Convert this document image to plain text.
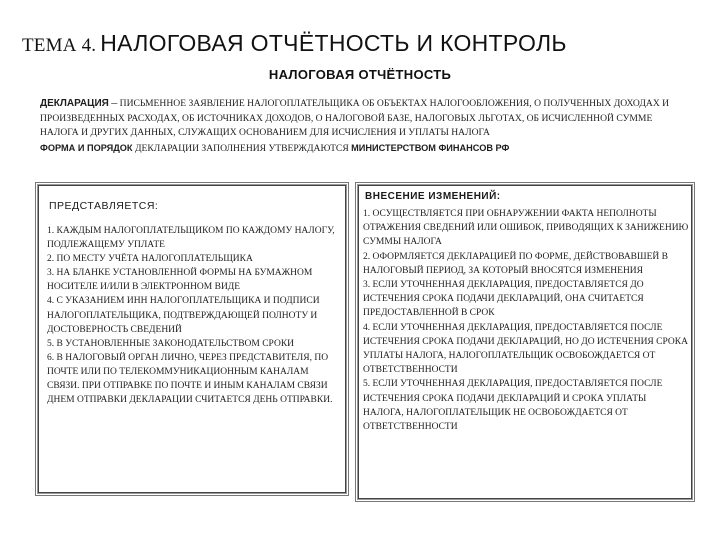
ТЕМА 4. НАЛОГОВАЯ ОТЧЁТНОСТЬ И КОНТРОЛЬ
НАЛОГОВАЯ ОТЧЁТНОСТЬ

ДЕКЛАРАЦИЯ – ПИСЬМЕННОЕ ЗАЯВЛЕНИЕ НАЛОГОПЛАТЕЛЬЩИКА ОБ ОБЪЕКТАХ НАЛОГООБЛОЖЕНИЯ, О ПОЛУЧЕННЫХ ДОХОДАХ И ПРОИЗВЕДЕННЫХ РАСХОДАХ, ОБ ИСТОЧНИКАХ ДОХОДОВ, О НАЛОГОВОЙ БАЗЕ, НАЛОГОВЫХ ЛЬГОТАХ, ОБ ИСЧИСЛЕННОЙ СУММЕ НАЛОГА И ДРУГИХ ДАННЫХ, СЛУЖАЩИХ ОСНОВАНИЕМ ДЛЯ ИСЧИСЛЕНИЯ И УПЛАТЫ НАЛОГА

ФОРМА И ПОРЯДОК ДЕКЛАРАЦИИ ЗАПОЛНЕНИЯ УТВЕРЖДАЮТСЯ МИНИСТЕРСТВОМ ФИНАНСОВ РФ

ПРЕДСТАВЛЯЕТСЯ:
1. КАЖДЫМ НАЛОГОПЛАТЕЛЬЩИКОМ ПО КАЖДОМУ НАЛОГУ, ПОДЛЕЖАЩЕМУ УПЛАТЕ
2. ПО МЕСТУ УЧЁТА НАЛОГОПЛАТЕЛЬЩИКА
3. НА БЛАНКЕ УСТАНОВЛЕННОЙ ФОРМЫ НА БУМАЖНОМ НОСИТЕЛЕ И/ИЛИ В ЭЛЕКТРОННОМ ВИДЕ
4. С УКАЗАНИЕМ ИНН НАЛОГОПЛАТЕЛЬЩИКА И ПОДПИСИ НАЛОГОПЛАТЕЛЬЩИКА, ПОДТВЕРЖДАЮЩЕЙ ПОЛНОТУ И ДОСТОВЕРНОСТЬ СВЕДЕНИЙ
5. В УСТАНОВЛЕННЫЕ ЗАКОНОДАТЕЛЬСТВОМ СРОКИ
6. В НАЛОГОВЫЙ ОРГАН ЛИЧНО, ЧЕРЕЗ ПРЕДСТАВИТЕЛЯ, ПО ПОЧТЕ ИЛИ ПО ТЕЛЕКОММУНИКАЦИОННЫМ КАНАЛАМ СВЯЗИ. ПРИ ОТПРАВКЕ ПО ПОЧТЕ И ИНЫМ КАНАЛАМ СВЯЗИ ДНЕМ ОТПРАВКИ ДЕКЛАРАЦИИ СЧИТАЕТСЯ ДЕНЬ ОТПРАВКИ.
ВНЕСЕНИЕ ИЗМЕНЕНИЙ:
1. ОСУЩЕСТВЛЯЕТСЯ ПРИ ОБНАРУЖЕНИИ ФАКТА НЕПОЛНОТЫ ОТРАЖЕНИЯ СВЕДЕНИЙ ИЛИ ОШИБОК, ПРИВОДЯЩИХ К ЗАНИЖЕНИЮ СУММЫ НАЛОГА
2. ОФОРМЛЯЕТСЯ ДЕКЛАРАЦИЕЙ ПО ФОРМЕ, ДЕЙСТВОВАВШЕЙ В НАЛОГОВЫЙ ПЕРИОД, ЗА КОТОРЫЙ ВНОСЯТСЯ ИЗМЕНЕНИЯ
3. ЕСЛИ УТОЧНЕННАЯ ДЕКЛАРАЦИЯ, ПРЕДОСТАВЛЯЕТСЯ ДО ИСТЕЧЕНИЯ СРОКА ПОДАЧИ ДЕКЛАРАЦИЙ, ОНА СЧИТАЕТСЯ ПРЕДОСТАВЛЕННОЙ В СРОК
4. ЕСЛИ УТОЧНЕННАЯ ДЕКЛАРАЦИЯ, ПРЕДОСТАВЛЯЕТСЯ ПОСЛЕ ИСТЕЧЕНИЯ СРОКА ПОДАЧИ ДЕКЛАРАЦИЙ, НО ДО ИСТЕЧЕНИЯ СРОКА УПЛАТЫ НАЛОГА, НАЛОГОПЛАТЕЛЬЩИК ОСВОБОЖДАЕТСЯ ОТ ОТВЕТСТВЕННОСТИ
5. ЕСЛИ УТОЧНЕННАЯ ДЕКЛАРАЦИЯ, ПРЕДОСТАВЛЯЕТСЯ ПОСЛЕ ИСТЕЧЕНИЯ СРОКА ПОДАЧИ ДЕКЛАРАЦИЙ И СРОКА УПЛАТЫ НАЛОГА, НАЛОГОПЛАТЕЛЬЩИК НЕ ОСВОБОЖДАЕТСЯ ОТ ОТВЕТСТВЕННОСТИ
